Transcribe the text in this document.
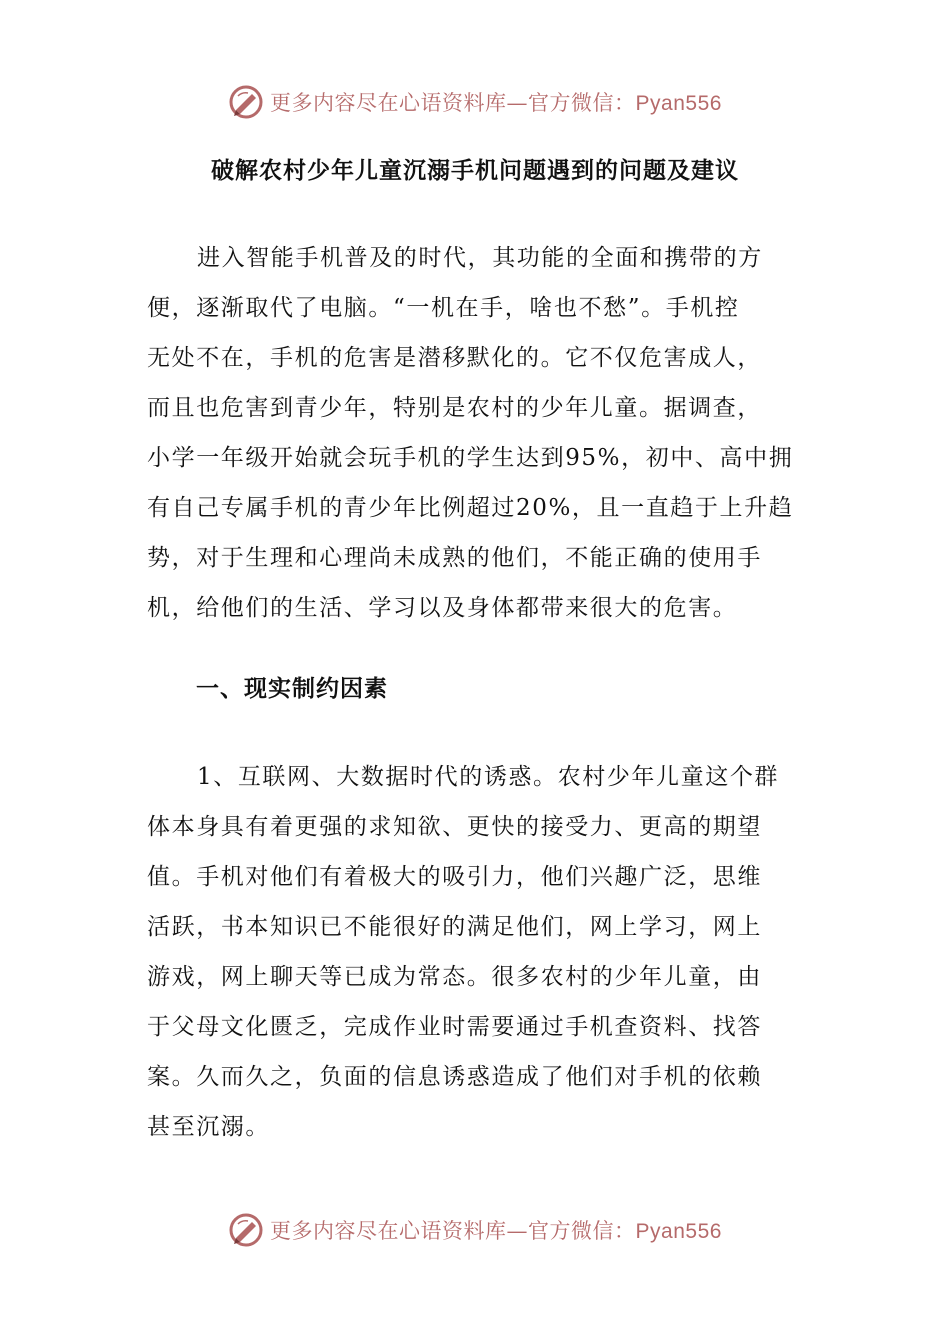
更多内容尽在心语资料库—官方微信：Pyan556
破解农村少年儿童沉溺手机问题遇到的问题及建议
进入智能手机普及的时代，其功能的全面和携带的方
便，逐渐取代了电脑。“一机在手，啥也不愁”。手机控
无处不在，手机的危害是潜移默化的。它不仅危害成人，
而且也危害到青少年，特别是农村的少年儿童。据调查，
小学一年级开始就会玩手机的学生达到95%，初中、高中拥
有自己专属手机的青少年比例超过20%，且一直趋于上升趋
势，对于生理和心理尚未成熟的他们，不能正确的使用手
机，给他们的生活、学习以及身体都带来很大的危害。
一、现实制约因素
1、互联网、大数据时代的诱惑。农村少年儿童这个群
体本身具有着更强的求知欲、更快的接受力、更高的期望
值。手机对他们有着极大的吸引力，他们兴趣广泛，思维
活跃，书本知识已不能很好的满足他们，网上学习，网上
游戏，网上聊天等已成为常态。很多农村的少年儿童，由
于父母文化匮乏，完成作业时需要通过手机查资料、找答
案。久而久之，负面的信息诱惑造成了他们对手机的依赖
甚至沉溺。
更多内容尽在心语资料库—官方微信：Pyan556
